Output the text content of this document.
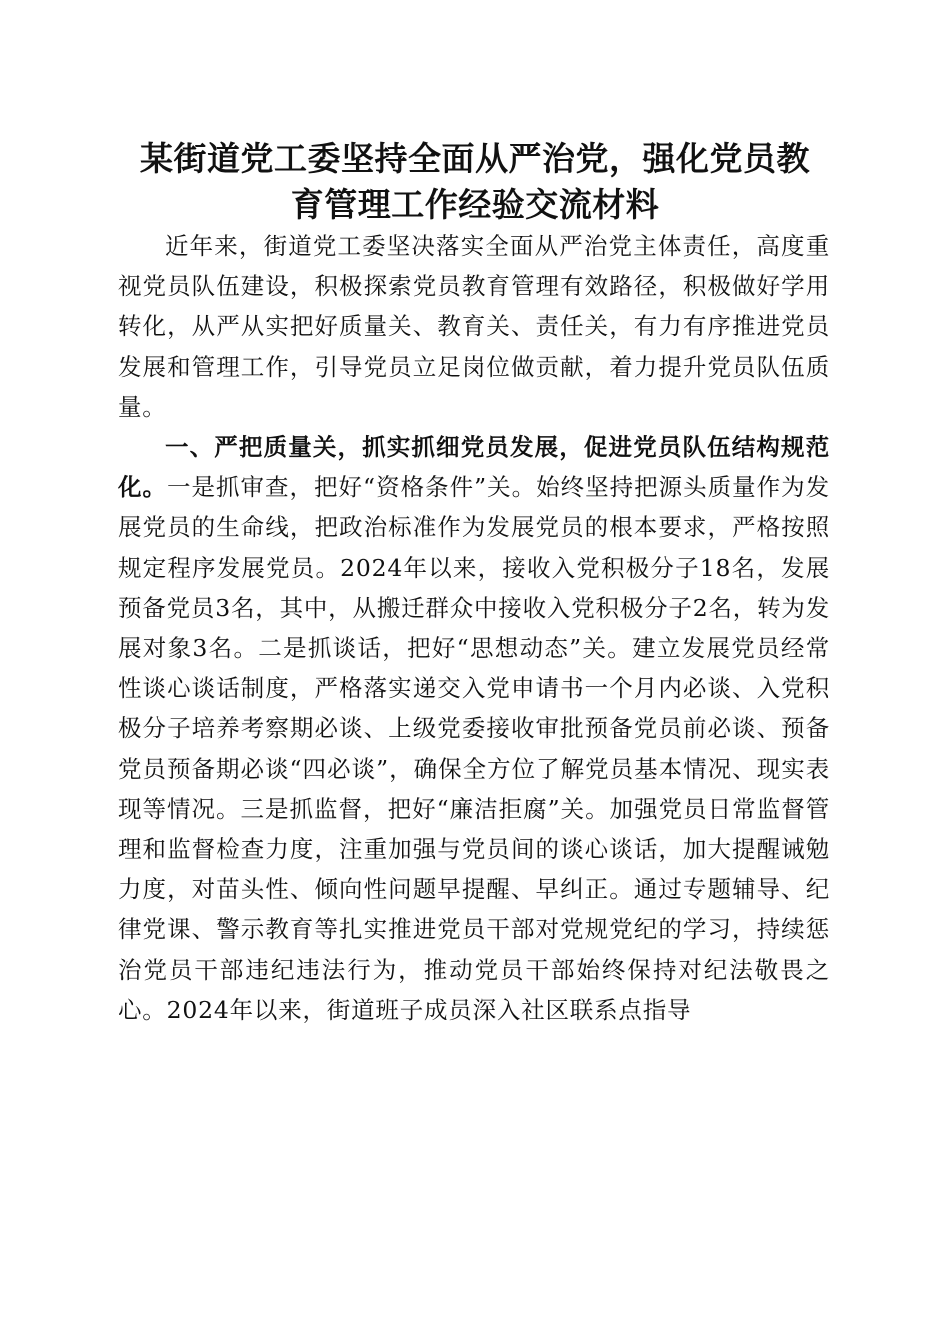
某街道党工委坚持全面从严治党，强化党员教
育管理工作经验交流材料

近年来，街道党工委坚决落实全面从严治党主体责任，高度重视党员队伍建设，积极探索党员教育管理有效路径，积极做好学用转化，从严从实把好质量关、教育关、责任关，有力有序推进党员发展和管理工作，引导党员立足岗位做贡献，着力提升党员队伍质量。

一、严把质量关，抓实抓细党员发展，促进党员队伍结构规范化。一是抓审查，把好“资格条件”关。始终坚持把源头质量作为发展党员的生命线，把政治标准作为发展党员的根本要求，严格按照规定程序发展党员。2024年以来，接收入党积极分子18名，发展预备党员3名，其中，从搬迁群众中接收入党积极分子2名，转为发展对象3名。二是抓谈话，把好“思想动态”关。建立发展党员经常性谈心谈话制度，严格落实递交入党申请书一个月内必谈、入党积极分子培养考察期必谈、上级党委接收审批预备党员前必谈、预备党员预备期必谈“四必谈”，确保全方位了解党员基本情况、现实表现等情况。三是抓监督，把好“廉洁拒腐”关。加强党员日常监督管理和监督检查力度，注重加强与党员间的谈心谈话，加大提醒诫勉力度，对苗头性、倾向性问题早提醒、早纠正。通过专题辅导、纪律党课、警示教育等扎实推进党员干部对党规党纪的学习，持续惩治党员干部违纪违法行为，推动党员干部始终保持对纪法敬畏之心。2024年以来，街道班子成员深入社区联系点指导
